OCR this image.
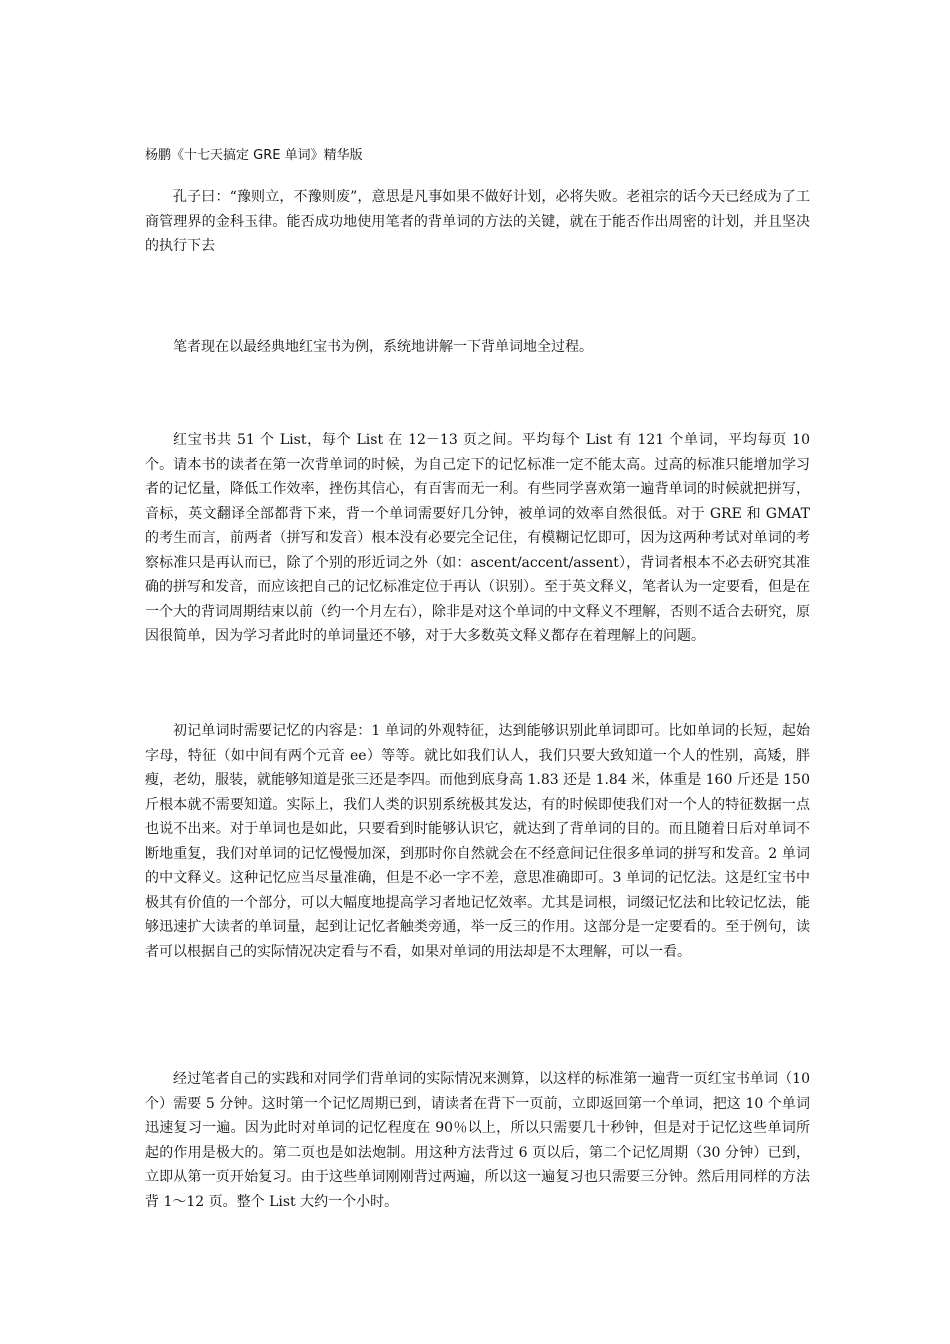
杨鹏《十七天搞定 GRE 单词》精华版

孔子曰：“豫则立，不豫则废”，意思是凡事如果不做好计划，必将失败。老祖宗的话今天已经成为了工商管理界的金科玉律。能否成功地使用笔者的背单词的方法的关键，就在于能否作出周密的计划，并且坚决的执行下去

笔者现在以最经典地红宝书为例，系统地讲解一下背单词地全过程。

红宝书共 51 个 List，每个 List 在 12－13 页之间。平均每个 List 有 121 个单词，平均每页 10 个。请本书的读者在第一次背单词的时候，为自己定下的记忆标准一定不能太高。过高的标准只能增加学习者的记忆量，降低工作效率，挫伤其信心，有百害而无一利。有些同学喜欢第一遍背单词的时候就把拼写，音标，英文翻译全部都背下来，背一个单词需要好几分钟，被单词的效率自然很低。对于 GRE 和 GMAT 的考生而言，前两者（拼写和发音）根本没有必要完全记住，有模糊记忆即可，因为这两种考试对单词的考察标准只是再认而已，除了个别的形近词之外（如：ascent/accent/assent），背词者根本不必去研究其准确的拼写和发音，而应该把自己的记忆标准定位于再认（识别）。至于英文释义，笔者认为一定要看，但是在一个大的背词周期结束以前（约一个月左右），除非是对这个单词的中文释义不理解，否则不适合去研究，原因很简单，因为学习者此时的单词量还不够，对于大多数英文释义都存在着理解上的问题。

初记单词时需要记忆的内容是：1 单词的外观特征，达到能够识别此单词即可。比如单词的长短，起始字母，特征（如中间有两个元音 ee）等等。就比如我们认人，我们只要大致知道一个人的性别，高矮，胖瘦，老幼，服装，就能够知道是张三还是李四。而他到底身高 1.83 还是 1.84 米，体重是 160 斤还是 150 斤根本就不需要知道。实际上，我们人类的识别系统极其发达，有的时候即使我们对一个人的特征数据一点也说不出来。对于单词也是如此，只要看到时能够认识它，就达到了背单词的目的。而且随着日后对单词不断地重复，我们对单词的记忆慢慢加深，到那时你自然就会在不经意间记住很多单词的拼写和发音。2 单词的中文释义。这种记忆应当尽量准确，但是不必一字不差，意思准确即可。3 单词的记忆法。这是红宝书中极其有价值的一个部分，可以大幅度地提高学习者地记忆效率。尤其是词根，词缀记忆法和比较记忆法，能够迅速扩大读者的单词量，起到让记忆者触类旁通，举一反三的作用。这部分是一定要看的。至于例句，读者可以根据自己的实际情况决定看与不看，如果对单词的用法却是不太理解，可以一看。

经过笔者自己的实践和对同学们背单词的实际情况来测算，以这样的标准第一遍背一页红宝书单词（10 个）需要 5 分钟。这时第一个记忆周期已到，请读者在背下一页前，立即返回第一个单词，把这 10 个单词迅速复习一遍。因为此时对单词的记忆程度在 90％以上，所以只需要几十秒钟，但是对于记忆这些单词所起的作用是极大的。第二页也是如法炮制。用这种方法背过 6 页以后，第二个记忆周期（30 分钟）已到，立即从第一页开始复习。由于这些单词刚刚背过两遍，所以这一遍复习也只需要三分钟。然后用同样的方法背 1～12 页。整个 List 大约一个小时。
